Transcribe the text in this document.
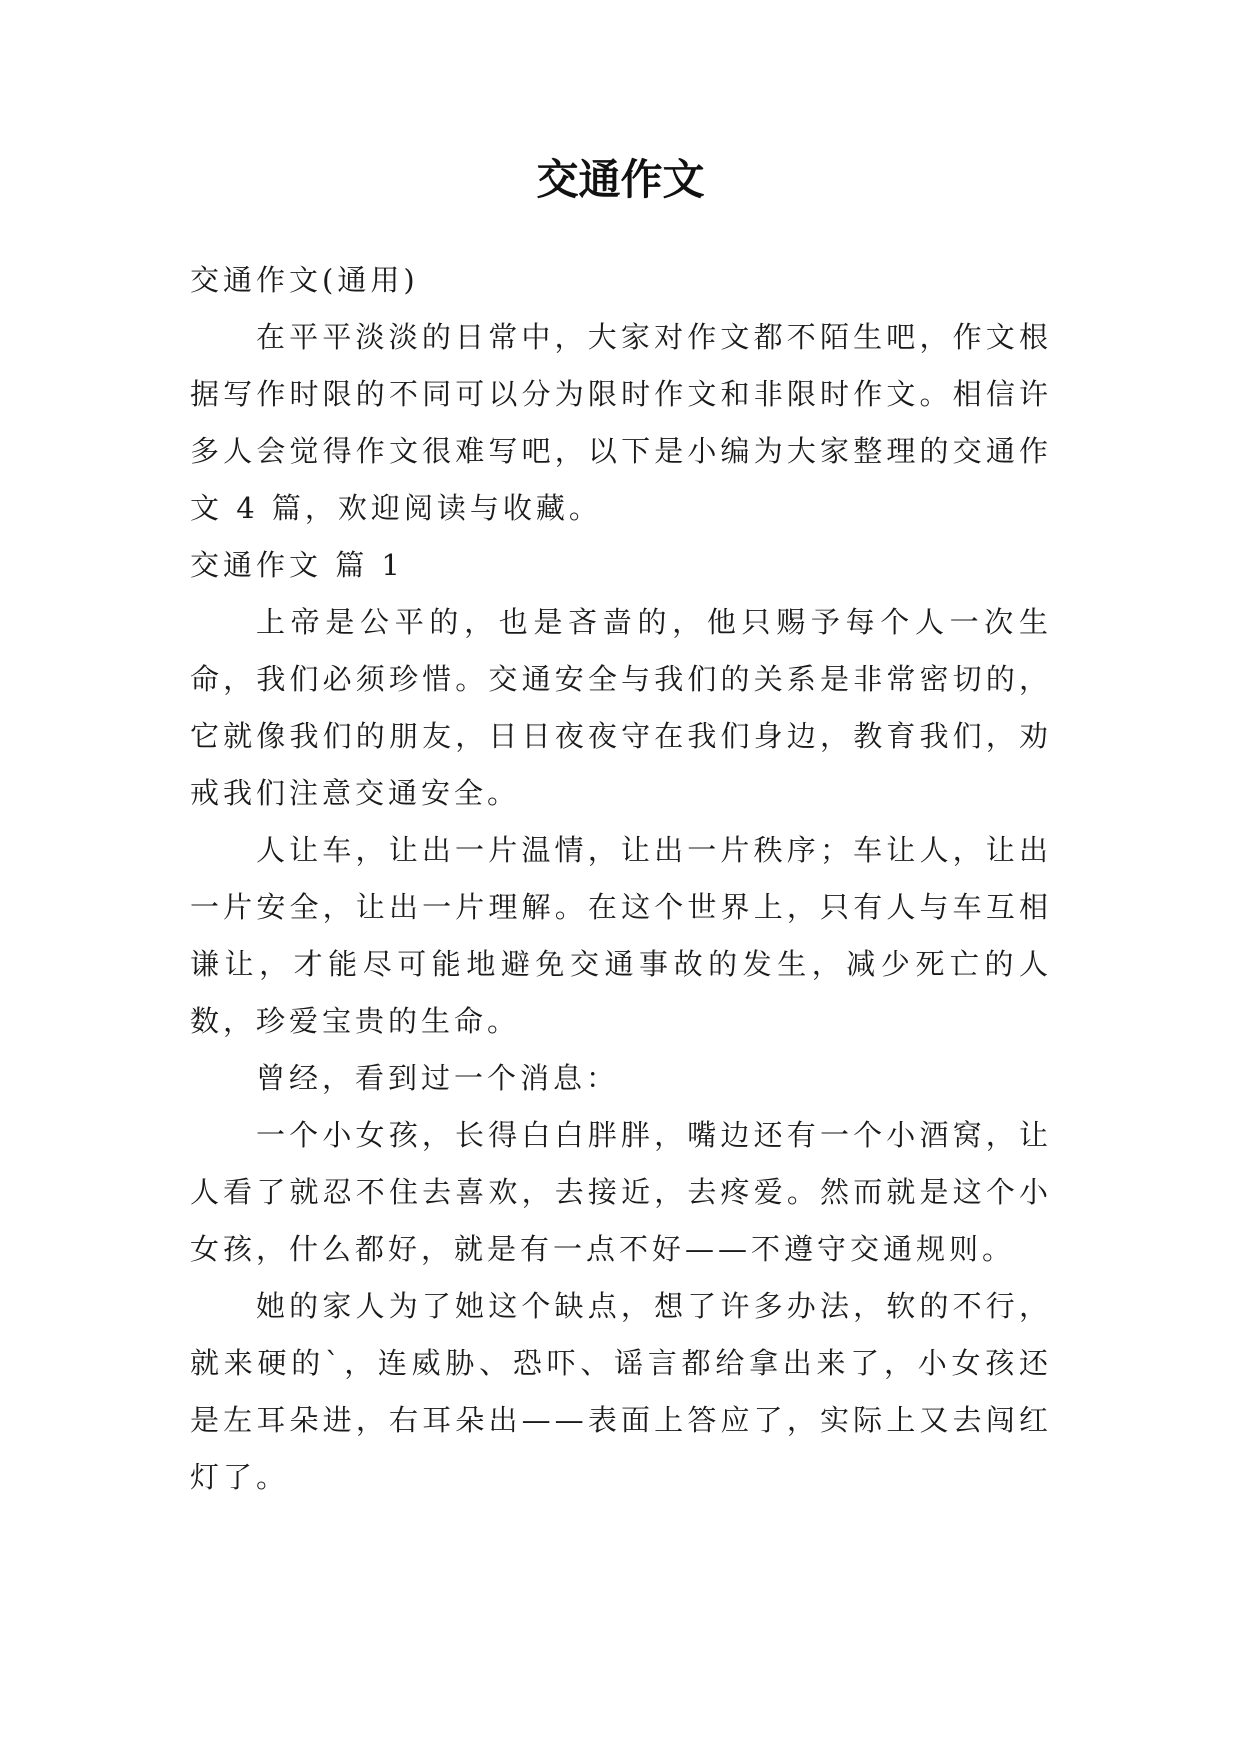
交通作文

交通作文(通用)

在平平淡淡的日常中，大家对作文都不陌生吧，作文根据写作时限的不同可以分为限时作文和非限时作文。相信许多人会觉得作文很难写吧，以下是小编为大家整理的交通作文 4 篇，欢迎阅读与收藏。

交通作文 篇 1

上帝是公平的，也是吝啬的，他只赐予每个人一次生命，我们必须珍惜。交通安全与我们的关系是非常密切的，它就像我们的朋友，日日夜夜守在我们身边，教育我们，劝戒我们注意交通安全。

人让车，让出一片温情，让出一片秩序；车让人，让出一片安全，让出一片理解。在这个世界上，只有人与车互相谦让，才能尽可能地避免交通事故的发生，减少死亡的人数，珍爱宝贵的生命。

曾经，看到过一个消息：

一个小女孩，长得白白胖胖，嘴边还有一个小酒窝，让人看了就忍不住去喜欢，去接近，去疼爱。然而就是这个小女孩，什么都好，就是有一点不好——不遵守交通规则。

她的家人为了她这个缺点，想了许多办法，软的不行，就来硬的`，连威胁、恐吓、谣言都给拿出来了，小女孩还是左耳朵进，右耳朵出——表面上答应了，实际上又去闯红灯了。
